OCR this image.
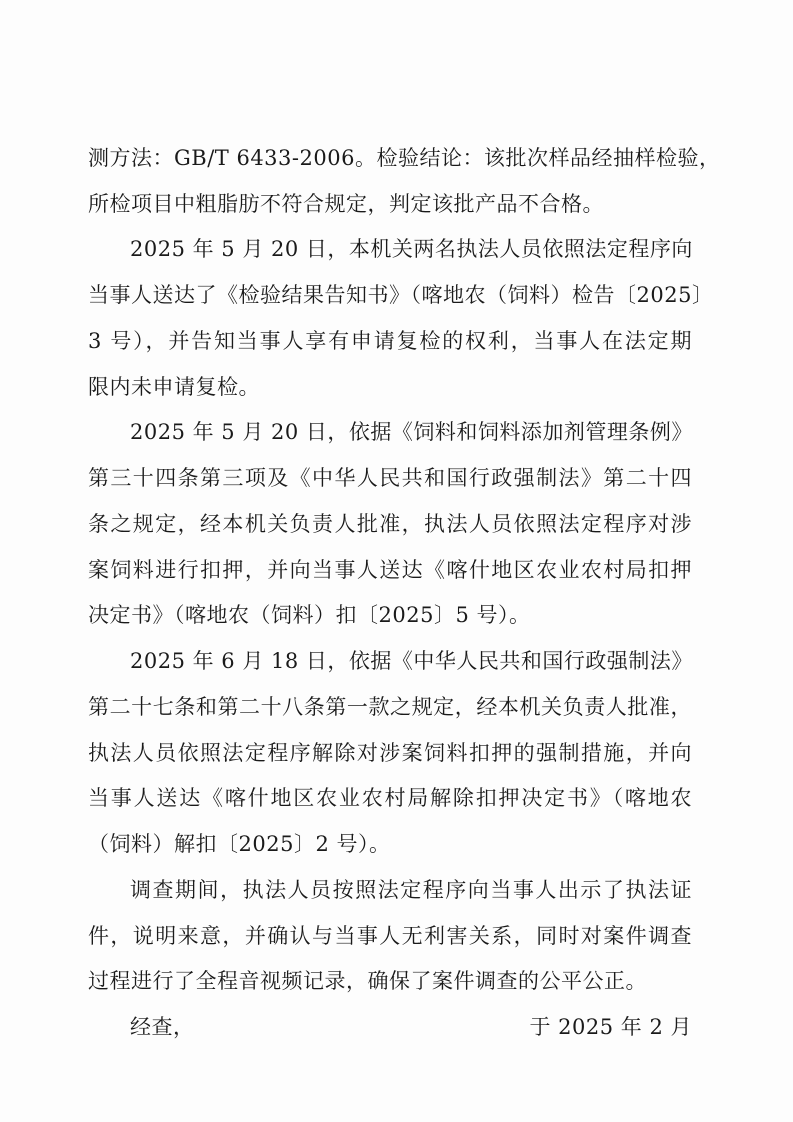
测方法：GB/T 6433-2006。检验结论：该批次样品经抽样检验，
所检项目中粗脂肪不符合规定，判定该批产品不合格。
2025 年 5 月 20 日，本机关两名执法人员依照法定程序向
当事人送达了《检验结果告知书》（喀地农（饲料）检告〔2025〕
3 号），并告知当事人享有申请复检的权利，当事人在法定期
限内未申请复检。
2025 年 5 月 20 日，依据《饲料和饲料添加剂管理条例》
第三十四条第三项及《中华人民共和国行政强制法》第二十四
条之规定，经本机关负责人批准，执法人员依照法定程序对涉
案饲料进行扣押，并向当事人送达《喀什地区农业农村局扣押
决定书》（喀地农（饲料）扣〔2025〕5 号）。
2025 年 6 月 18 日，依据《中华人民共和国行政强制法》
第二十七条和第二十八条第一款之规定，经本机关负责人批准，
执法人员依照法定程序解除对涉案饲料扣押的强制措施，并向
当事人送达《喀什地区农业农村局解除扣押决定书》（喀地农
（饲料）解扣〔2025〕2 号）。
调查期间，执法人员按照法定程序向当事人出示了执法证
件，说明来意，并确认与当事人无利害关系，同时对案件调查
过程进行了全程音视频记录，确保了案件调查的公平公正。
经查，	于 2025 年 2 月
